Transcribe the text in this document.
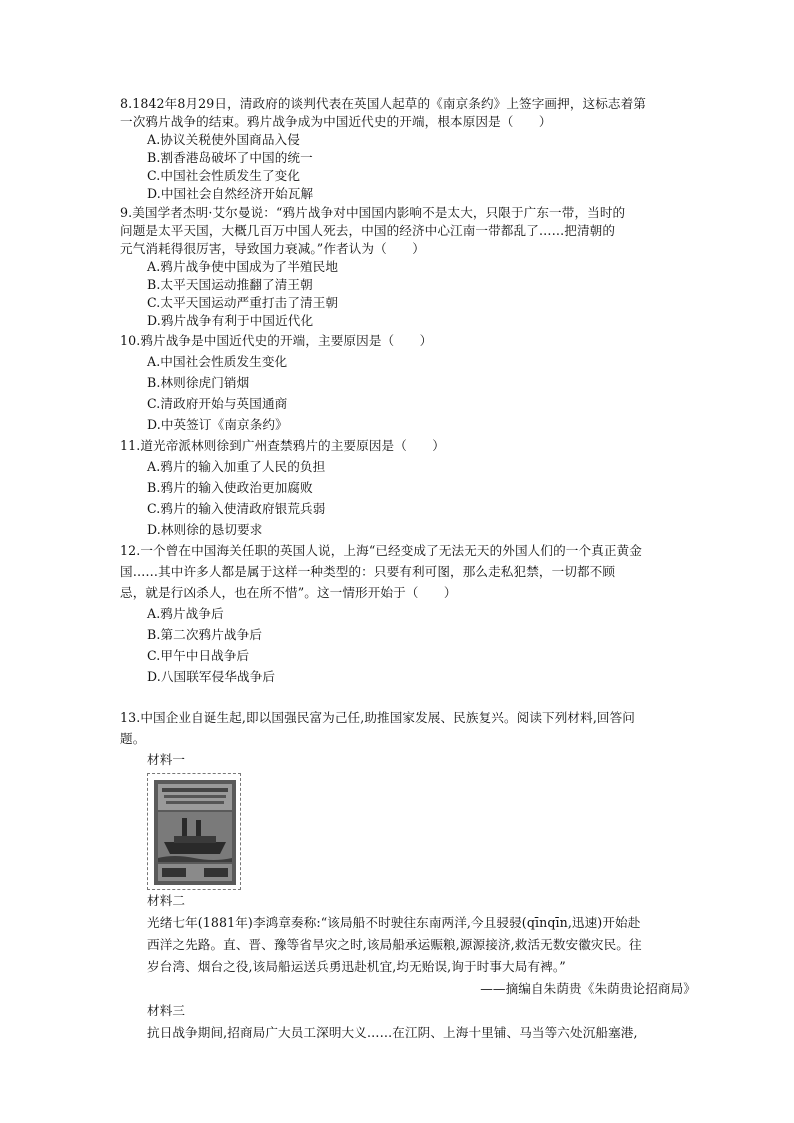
8.1842年8月29日，清政府的谈判代表在英国人起草的《南京条约》上签字画押，这标志着第
一次鸦片战争的结束。鸦片战争成为中国近代史的开端，根本原因是（　　）
A.协议关税使外国商品入侵
B.割香港岛破坏了中国的统一
C.中国社会性质发生了变化
D.中国社会自然经济开始瓦解
9.美国学者杰明·艾尔曼说：“鸦片战争对中国国内影响不是太大，只限于广东一带，当时的
问题是太平天国，大概几百万中国人死去，中国的经济中心江南一带都乱了……把清朝的
元气消耗得很厉害，导致国力衰减。”作者认为（　　）
A.鸦片战争使中国成为了半殖民地
B.太平天国运动推翻了清王朝
C.太平天国运动严重打击了清王朝
D.鸦片战争有利于中国近代化
10.鸦片战争是中国近代史的开端，主要原因是（　　）
A.中国社会性质发生变化
B.林则徐虎门销烟
C.清政府开始与英国通商
D.中英签订《南京条约》
11.道光帝派林则徐到广州查禁鸦片的主要原因是（　　）
A.鸦片的输入加重了人民的负担
B.鸦片的输入使政治更加腐败
C.鸦片的输入使清政府银荒兵弱
D.林则徐的恳切要求
12.一个曾在中国海关任职的英国人说，上海“已经变成了无法无天的外国人们的一个真正黄金
国……其中许多人都是属于这样一种类型的：只要有利可图，那么走私犯禁，一切都不顾
忌，就是行凶杀人，也在所不惜”。这一情形开始于（　　）
A.鸦片战争后
B.第二次鸦片战争后
C.甲午中日战争后
D.八国联军侵华战争后
13.中国企业自诞生起,即以国强民富为己任,助推国家发展、民族复兴。阅读下列材料,回答问
题。
材料一
材料二
光绪七年(1881年)李鸿章奏称:“该局船不时驶往东南两洋,今且骎骎(qīnqīn,迅速)开始赴
西洋之先路。直、晋、豫等省旱灾之时,该局船承运赈粮,源源接济,救活无数安徽灾民。往
岁台湾、烟台之役,该局船运送兵勇迅赴机宜,均无贻误,询于时事大局有裨。”
——摘编自朱荫贵《朱荫贵论招商局》
材料三
抗日战争期间,招商局广大员工深明大义……在江阴、上海十里铺、马当等六处沉船塞港,
